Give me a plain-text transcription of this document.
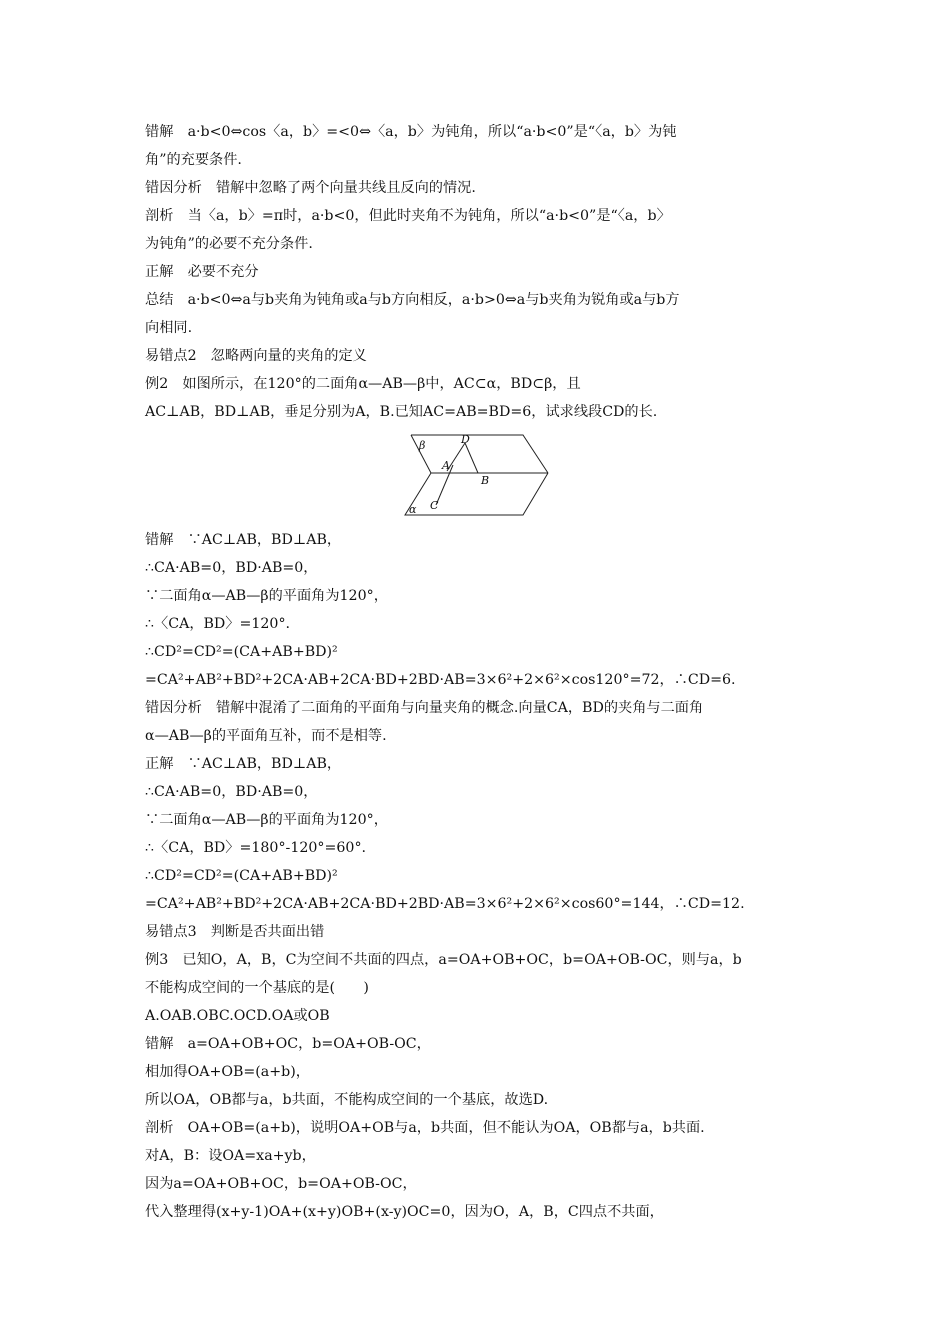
错解　a·b<0⇔cos〈a，b〉=<0⇔〈a，b〉为钝角，所以“a·b<0”是“〈a，b〉为钝
角”的充要条件.
错因分析　错解中忽略了两个向量共线且反向的情况.
剖析　当〈a，b〉=π时，a·b<0，但此时夹角不为钝角，所以“a·b<0”是“〈a，b〉
为钝角”的必要不充分条件.
正解　必要不充分
总结　a·b<0⇔a与b夹角为钝角或a与b方向相反，a·b>0⇔a与b夹角为锐角或a与b方
向相同.
易错点2　忽略两向量的夹角的定义
例2　如图所示，在120°的二面角α—AB—β中，AC⊂α，BD⊂β，且
AC⊥AB，BD⊥AB，垂足分别为A，B.已知AC=AB=BD=6，试求线段CD的长.
β
α
D
A
B
C
错解　∵AC⊥AB，BD⊥AB，
∴CA·AB=0，BD·AB=0，
∵二面角α—AB—β的平面角为120°，
∴〈CA，BD〉=120°.
∴CD²=CD²=(CA+AB+BD)²
=CA²+AB²+BD²+2CA·AB+2CA·BD+2BD·AB=3×6²+2×6²×cos120°=72，∴CD=6.
错因分析　错解中混淆了二面角的平面角与向量夹角的概念.向量CA，BD的夹角与二面角
α—AB—β的平面角互补，而不是相等.
正解　∵AC⊥AB，BD⊥AB，
∴CA·AB=0，BD·AB=0，
∵二面角α—AB—β的平面角为120°，
∴〈CA，BD〉=180°-120°=60°.
∴CD²=CD²=(CA+AB+BD)²
=CA²+AB²+BD²+2CA·AB+2CA·BD+2BD·AB=3×6²+2×6²×cos60°=144，∴CD=12.
易错点3　判断是否共面出错
例3　已知O，A，B，C为空间不共面的四点，a=OA+OB+OC，b=OA+OB-OC，则与a，b
不能构成空间的一个基底的是(　　)
A.OAB.OBC.OCD.OA或OB
错解　a=OA+OB+OC，b=OA+OB-OC，
相加得OA+OB=(a+b)，
所以OA，OB都与a，b共面，不能构成空间的一个基底，故选D.
剖析　OA+OB=(a+b)，说明OA+OB与a，b共面，但不能认为OA，OB都与a，b共面.
对A，B：设OA=xa+yb，
因为a=OA+OB+OC，b=OA+OB-OC，
代入整理得(x+y-1)OA+(x+y)OB+(x-y)OC=0，因为O，A，B，C四点不共面，
